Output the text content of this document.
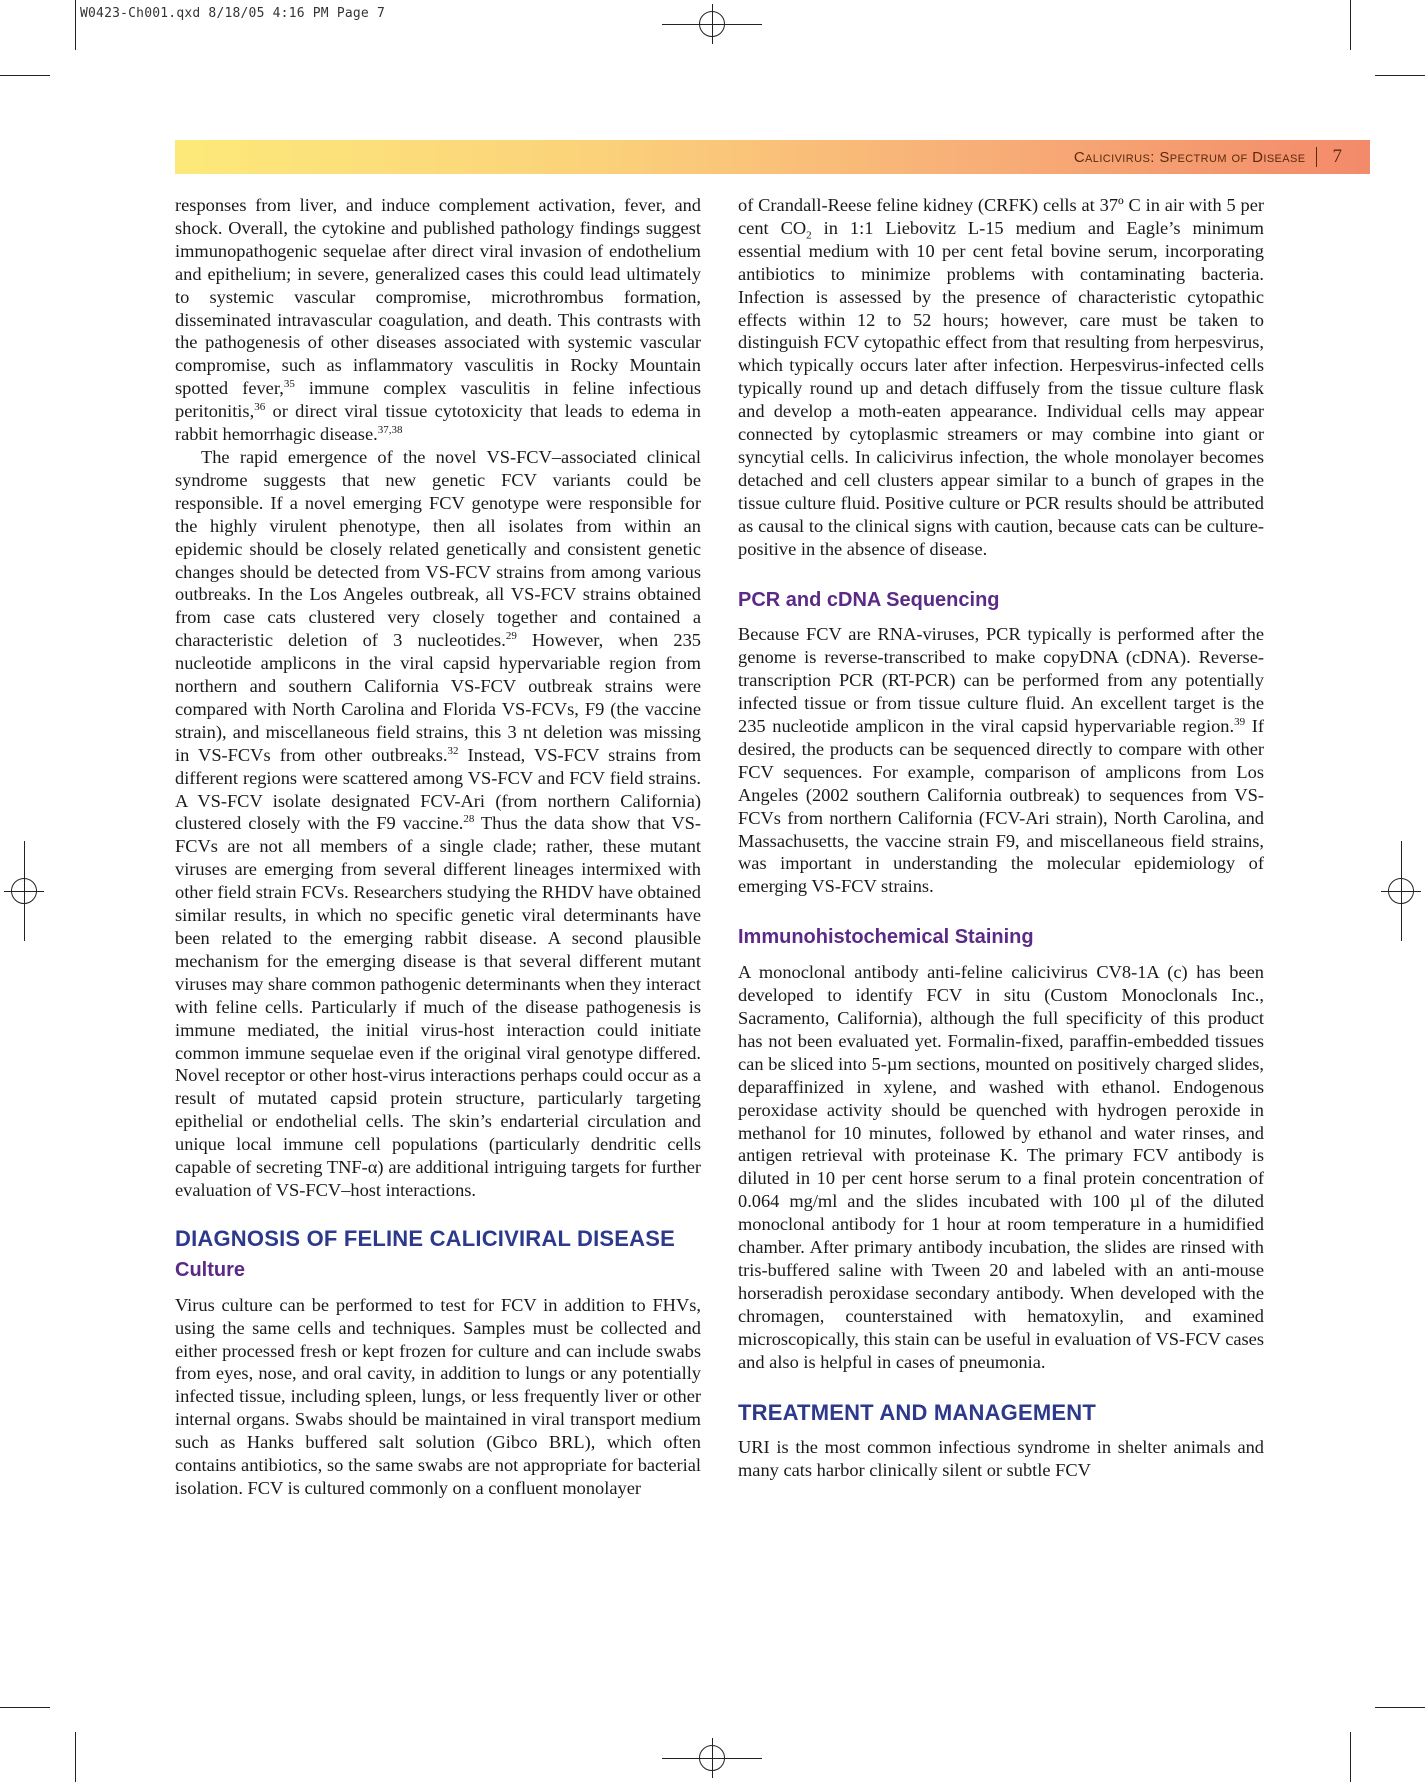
W0423-Ch001.qxd 8/18/05 4:16 PM Page 7
Calicivirus: Spectrum of Disease 7

responses from liver, and induce complement activation, fever, and shock. Overall, the cytokine and published pathology findings suggest immunopathogenic sequelae after direct viral invasion of endothelium and epithelium; in severe, generalized cases this could lead ultimately to systemic vascular compromise, microthrombus formation, disseminated intravascular coagulation, and death. This contrasts with the pathogenesis of other diseases associated with systemic vascular compromise, such as inflammatory vasculitis in Rocky Mountain spotted fever,$^{35}$ immune complex vasculitis in feline infectious peritonitis,$^{36}$ or direct viral tissue cytotoxicity that leads to edema in rabbit hemorrhagic disease.$^{37,38}$

The rapid emergence of the novel VS-FCV–associated clinical syndrome suggests that new genetic FCV variants could be responsible. If a novel emerging FCV genotype were responsible for the highly virulent phenotype, then all isolates from within an epidemic should be closely related genetically and consistent genetic changes should be detected from VS-FCV strains from among various outbreaks. In the Los Angeles outbreak, all VS-FCV strains obtained from case cats clustered very closely together and contained a characteristic deletion of 3 nucleotides.$^{29}$ However, when 235 nucleotide amplicons in the viral capsid hypervariable region from northern and southern California VS-FCV outbreak strains were compared with North Carolina and Florida VS-FCVs, F9 (the vaccine strain), and miscellaneous field strains, this 3 nt deletion was missing in VS-FCVs from other outbreaks.$^{32}$ Instead, VS-FCV strains from different regions were scattered among VS-FCV and FCV field strains. A VS-FCV isolate designated FCV-Ari (from northern California) clustered closely with the F9 vaccine.$^{28}$ Thus the data show that VS-FCVs are not all members of a single clade; rather, these mutant viruses are emerging from several different lineages intermixed with other field strain FCVs. Researchers studying the RHDV have obtained similar results, in which no specific genetic viral determinants have been related to the emerging rabbit disease. A second plausible mechanism for the emerging disease is that several different mutant viruses may share common pathogenic determinants when they interact with feline cells. Particularly if much of the disease pathogenesis is immune mediated, the initial virus-host interaction could initiate common immune sequelae even if the original viral genotype differed. Novel receptor or other host-virus interactions perhaps could occur as a result of mutated capsid protein structure, particularly targeting epithelial or endothelial cells. The skin’s endarterial circulation and unique local immune cell populations (particularly dendritic cells capable of secreting TNF-α) are additional intriguing targets for further evaluation of VS-FCV–host interactions.

DIAGNOSIS OF FELINE CALICIVIRAL DISEASE
Culture

Virus culture can be performed to test for FCV in addition to FHVs, using the same cells and techniques. Samples must be collected and either processed fresh or kept frozen for culture and can include swabs from eyes, nose, and oral cavity, in addition to lungs or any potentially infected tissue, including spleen, lungs, or less frequently liver or other internal organs. Swabs should be maintained in viral transport medium such as Hanks buffered salt solution (Gibco BRL), which often contains antibiotics, so the same swabs are not appropriate for bacterial isolation. FCV is cultured commonly on a confluent monolayer

of Crandall-Reese feline kidney (CRFK) cells at 37º C in air with 5 per cent $CO_2$ in 1:1 Liebovitz L-15 medium and Eagle’s minimum essential medium with 10 per cent fetal bovine serum, incorporating antibiotics to minimize problems with contaminating bacteria. Infection is assessed by the presence of characteristic cytopathic effects within 12 to 52 hours; however, care must be taken to distinguish FCV cytopathic effect from that resulting from herpesvirus, which typically occurs later after infection. Herpesvirus-infected cells typically round up and detach diffusely from the tissue culture flask and develop a moth-eaten appearance. Individual cells may appear connected by cytoplasmic streamers or may combine into giant or syncytial cells. In calicivirus infection, the whole monolayer becomes detached and cell clusters appear similar to a bunch of grapes in the tissue culture fluid. Positive culture or PCR results should be attributed as causal to the clinical signs with caution, because cats can be culture-positive in the absence of disease.

PCR and cDNA Sequencing

Because FCV are RNA-viruses, PCR typically is performed after the genome is reverse-transcribed to make copyDNA (cDNA). Reverse-transcription PCR (RT-PCR) can be performed from any potentially infected tissue or from tissue culture fluid. An excellent target is the 235 nucleotide amplicon in the viral capsid hypervariable region.$^{39}$ If desired, the products can be sequenced directly to compare with other FCV sequences. For example, comparison of amplicons from Los Angeles (2002 southern California outbreak) to sequences from VS-FCVs from northern California (FCV-Ari strain), North Carolina, and Massachusetts, the vaccine strain F9, and miscellaneous field strains, was important in understanding the molecular epidemiology of emerging VS-FCV strains.

Immunohistochemical Staining

A monoclonal antibody anti-feline calicivirus CV8-1A (c) has been developed to identify FCV in situ (Custom Monoclonals Inc., Sacramento, California), although the full specificity of this product has not been evaluated yet. Formalin-fixed, paraffin-embedded tissues can be sliced into 5-µm sections, mounted on positively charged slides, deparaffinized in xylene, and washed with ethanol. Endogenous peroxidase activity should be quenched with hydrogen peroxide in methanol for 10 minutes, followed by ethanol and water rinses, and antigen retrieval with proteinase K. The primary FCV antibody is diluted in 10 per cent horse serum to a final protein concentration of 0.064 mg/ml and the slides incubated with 100 µl of the diluted monoclonal antibody for 1 hour at room temperature in a humidified chamber. After primary antibody incubation, the slides are rinsed with tris-buffered saline with Tween 20 and labeled with an anti-mouse horseradish peroxidase secondary antibody. When developed with the chromagen, counterstained with hematoxylin, and examined microscopically, this stain can be useful in evaluation of VS-FCV cases and also is helpful in cases of pneumonia.

TREATMENT AND MANAGEMENT

URI is the most common infectious syndrome in shelter animals and many cats harbor clinically silent or subtle FCV
